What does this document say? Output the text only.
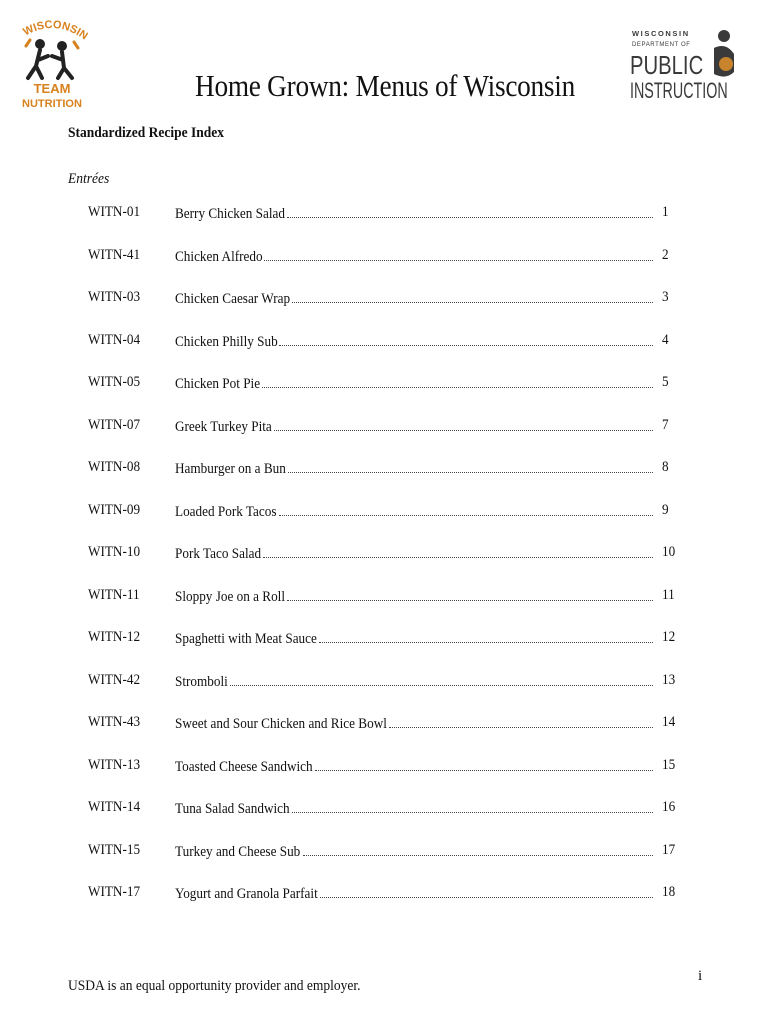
WISCONSI
TEAM
NUTRITION
WISCONSIN
DEPARTMENT OF
PUBLIC
INSTRUCTION
Home Grown: Menus of Wisconsin
Standardized Recipe Index
Entrées
WITN-01 Berry Chicken Salad	1
WITN-41 Chicken Alfredo	2
WITN-03 Chicken Caesar Wrap	3
WITN-04 Chicken Philly Sub	4
WITN-05 Chicken Pot Pie	5
WITN-07 Greek Turkey Pita	7
WITN-08 Hamburger on a Bun	8
WITN-09 Loaded Pork Tacos	9
WITN-10 Pork Taco Salad	10
WITN-11 Sloppy Joe on a Roll	11
WITN-12 Spaghetti with Meat Sauce	12
WITN-42 Stromboli	13
WITN-43 Sweet and Sour Chicken and Rice Bowl	14
WITN-13 Toasted Cheese Sandwich	15
WITN-14 Tuna Salad Sandwich	16
WITN-15 Turkey and Cheese Sub	17
WITN-17 Yogurt and Granola Parfait	18
USDA is an equal opportunity provider and employer.
i
